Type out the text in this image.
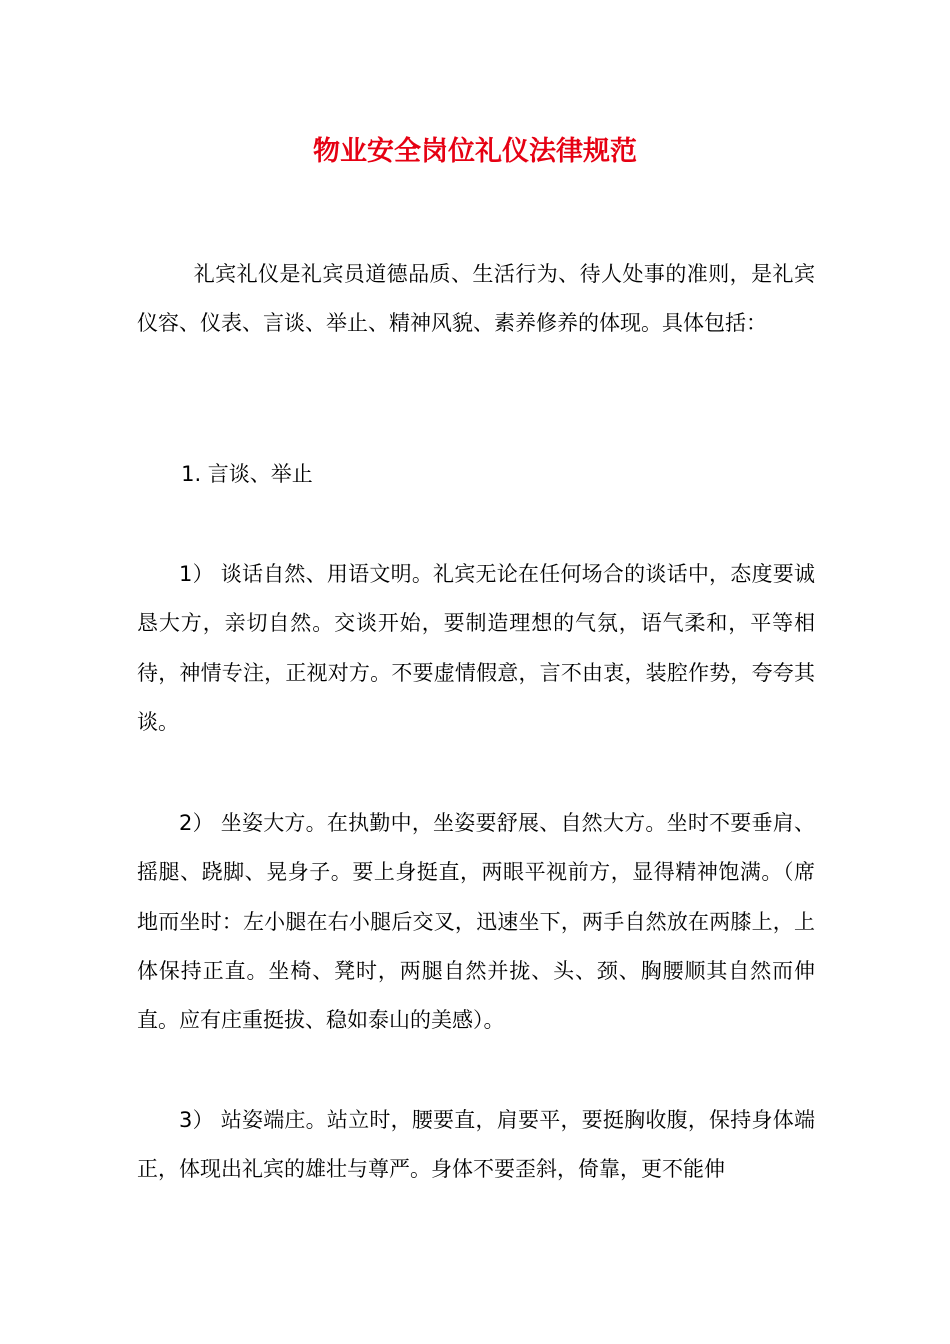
物业安全岗位礼仪法律规范

礼宾礼仪是礼宾员道德品质、生活行为、待人处事的准则，是礼宾仪容、仪表、言谈、举止、精神风貌、素养修养的体现。具体包括：

1. 言谈、举止

1） 谈话自然、用语文明。礼宾无论在任何场合的谈话中，态度要诚恳大方，亲切自然。交谈开始，要制造理想的气氛，语气柔和，平等相待，神情专注，正视对方。不要虚情假意，言不由衷，装腔作势，夸夸其谈。

2） 坐姿大方。在执勤中，坐姿要舒展、自然大方。坐时不要垂肩、摇腿、跷脚、晃身子。要上身挺直，两眼平视前方，显得精神饱满。（席地而坐时：左小腿在右小腿后交叉，迅速坐下，两手自然放在两膝上，上体保持正直。坐椅、凳时，两腿自然并拢、头、颈、胸腰顺其自然而伸直。应有庄重挺拔、稳如泰山的美感）。

3） 站姿端庄。站立时，腰要直，肩要平，要挺胸收腹，保持身体端正，体现出礼宾的雄壮与尊严。身体不要歪斜，倚靠，更不能伸
